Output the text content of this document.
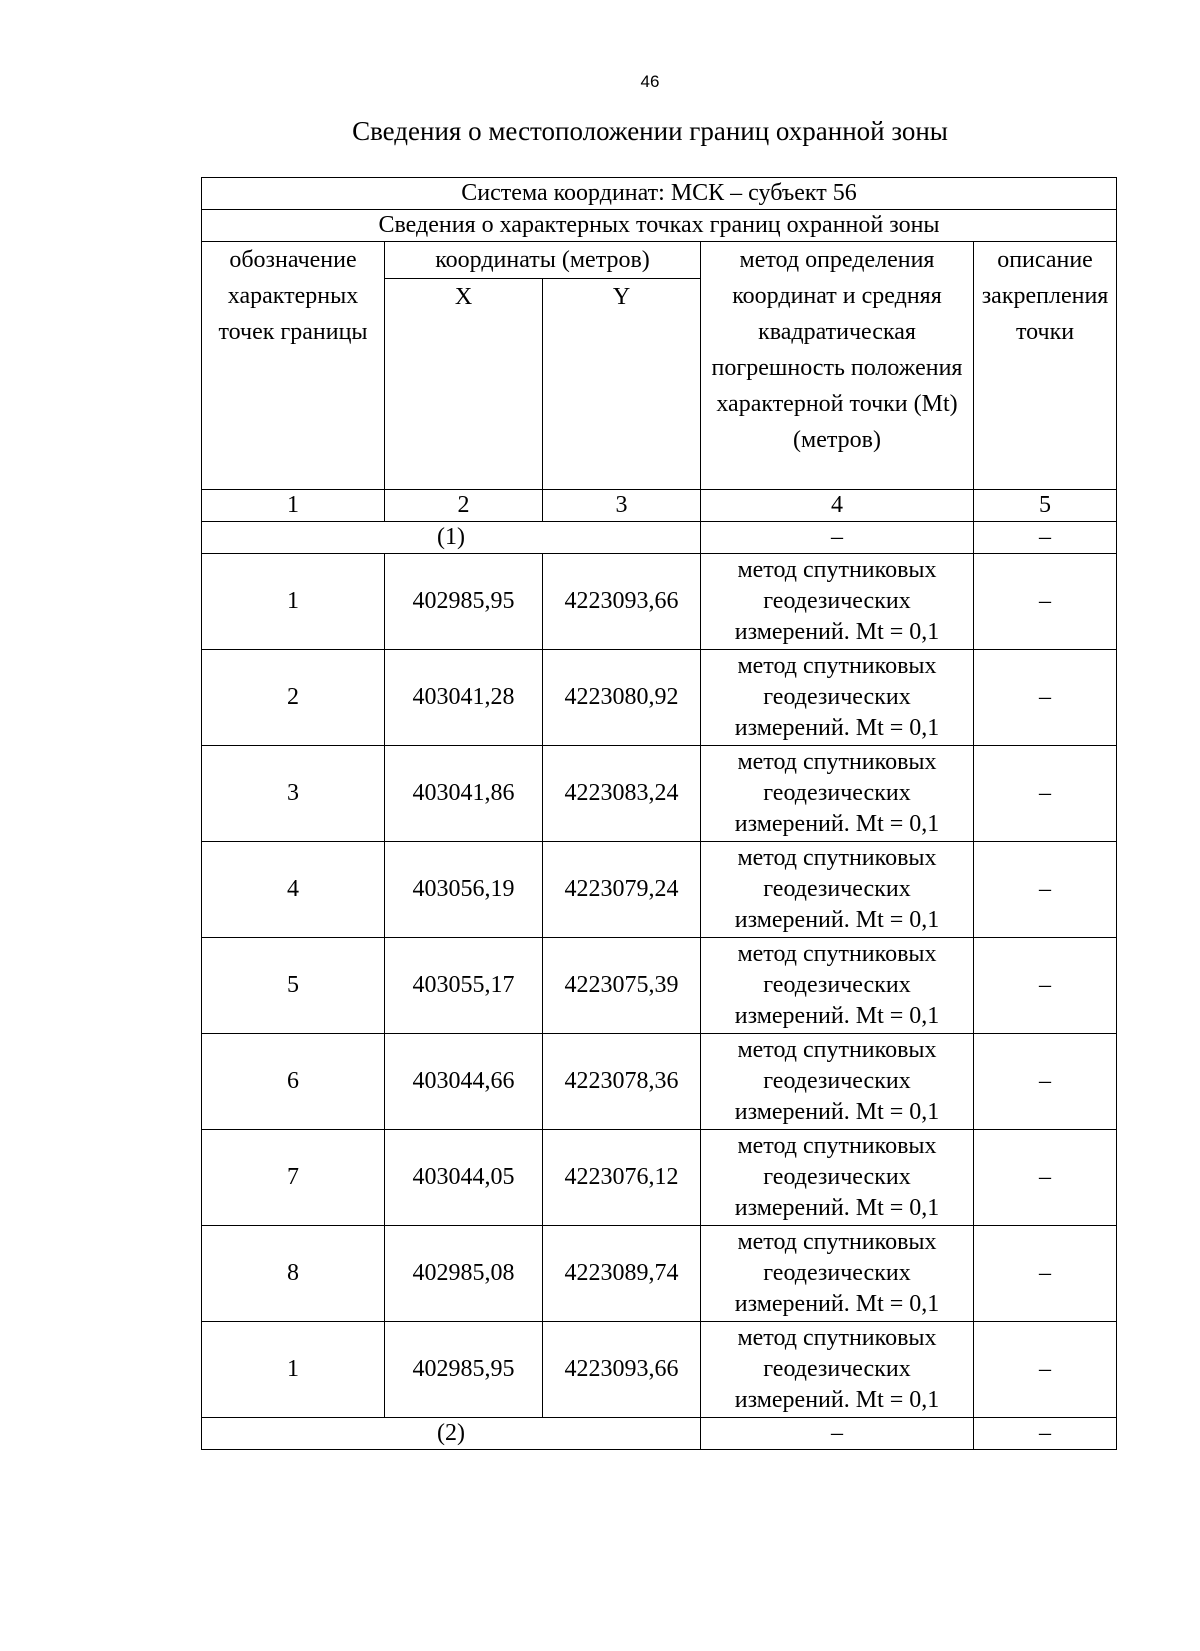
46
Сведения о местоположении границ охранной зоны
Система координат: МСК – субъект 56				
Сведения о характерных точках границ охранной зоны				
обозначение характерных точек границы	координаты (метров)		метод определения координат и средняя квадратическая погрешность положения характерной точки (Mt) (метров)	описание закрепления точки
	X	Y		
1	2	3	4	5
(1)			–	–
1	402985,95	4223093,66	метод спутниковых геодезических измерений. Mt = 0,1	–
2	403041,28	4223080,92	метод спутниковых геодезических измерений. Mt = 0,1	–
3	403041,86	4223083,24	метод спутниковых геодезических измерений. Mt = 0,1	–
4	403056,19	4223079,24	метод спутниковых геодезических измерений. Mt = 0,1	–
5	403055,17	4223075,39	метод спутниковых геодезических измерений. Mt = 0,1	–
6	403044,66	4223078,36	метод спутниковых геодезических измерений. Mt = 0,1	–
7	403044,05	4223076,12	метод спутниковых геодезических измерений. Mt = 0,1	–
8	402985,08	4223089,74	метод спутниковых геодезических измерений. Mt = 0,1	–
1	402985,95	4223093,66	метод спутниковых геодезических измерений. Mt = 0,1	–
(2)			–	–
